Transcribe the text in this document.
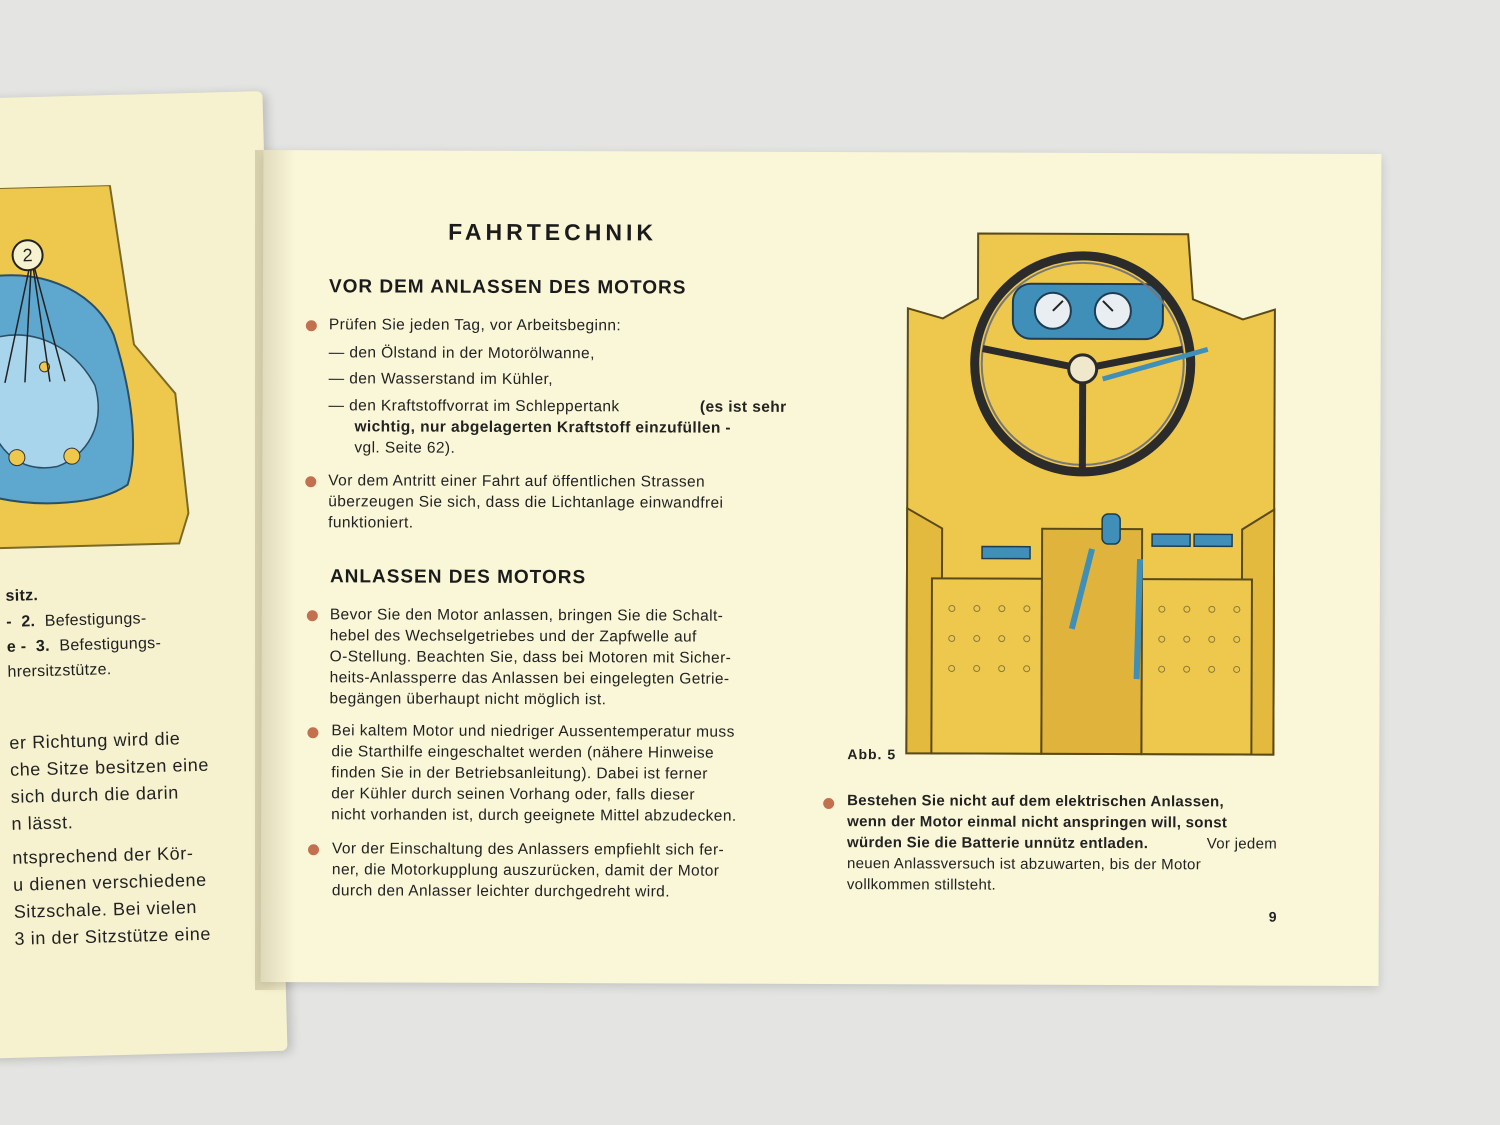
2
sitz.
- 2. Befestigungs-
e - 3. Befestigungs-
hrersitzstütze.
er Richtung wird die
che Sitze besitzen eine
sich durch die darin
n lässt.
ntsprechend der Kör-
u dienen verschiedene
Sitzschale. Bei vielen
3 in der Sitzstütze eine
FAHRTECHNIK
VOR DEM ANLASSEN DES MOTORS
Prüfen Sie jeden Tag, vor Arbeitsbeginn:
— den Ölstand in der Motorölwanne,
— den Wasserstand im Kühler,
— den Kraftstoffvorrat im Schleppertank	(es ist sehr
wichtig, nur abgelagerten Kraftstoff einzufüllen -
vgl. Seite 62).
Vor dem Antritt einer Fahrt auf öffentlichen Strassen
überzeugen Sie sich, dass die Lichtanlage einwandfrei
funktioniert.
ANLASSEN DES MOTORS
Bevor Sie den Motor anlassen, bringen Sie die Schalt-
hebel des Wechselgetriebes und der Zapfwelle auf
O-Stellung. Beachten Sie, dass bei Motoren mit Sicher-
heits-Anlassperre das Anlassen bei eingelegten Getrie-
begängen überhaupt nicht möglich ist.
Bei kaltem Motor und niedriger Aussentemperatur muss
die Starthilfe eingeschaltet werden (nähere Hinweise
finden Sie in der Betriebsanleitung). Dabei ist ferner
der Kühler durch seinen Vorhang oder, falls dieser
nicht vorhanden ist, durch geeignete Mittel abzudecken.
Vor der Einschaltung des Anlassers empfiehlt sich fer-
ner, die Motorkupplung auszurücken, damit der Motor
durch den Anlasser leichter durchgedreht wird.
Abb. 5
Bestehen Sie nicht auf dem elektrischen Anlassen,
wenn der Motor einmal nicht anspringen will, sonst
würden Sie die Batterie unnütz entladen.	Vor jedem
neuen Anlassversuch ist abzuwarten, bis der Motor
vollkommen stillsteht.
9
